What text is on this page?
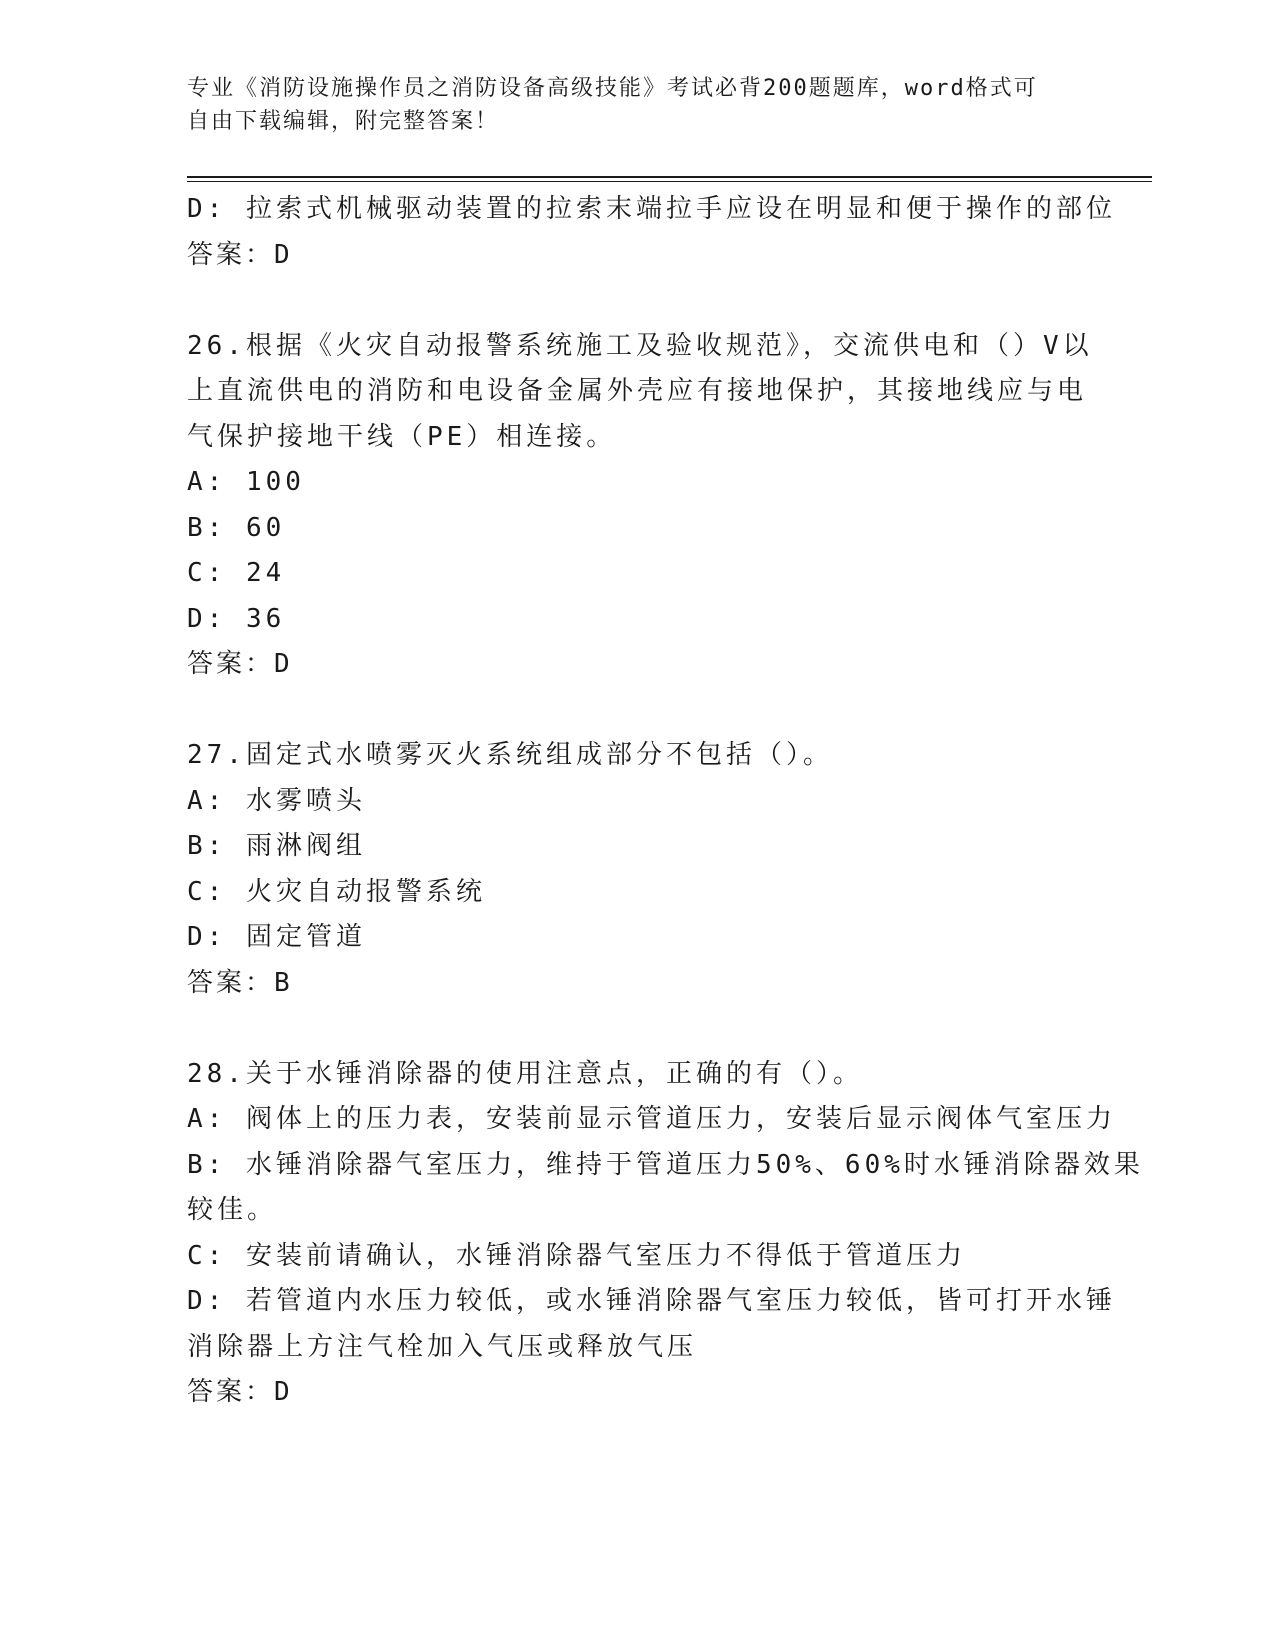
专业《消防设施操作员之消防设备高级技能》考试必背200题题库，word格式可
自由下载编辑，附完整答案！
D: 拉索式机械驱动装置的拉索末端拉手应设在明显和便于操作的部位
答案：D
26.根据《火灾自动报警系统施工及验收规范》，交流供电和（）V以
上直流供电的消防和电设备金属外壳应有接地保护，其接地线应与电
气保护接地干线（PE）相连接。
A: 100
B: 60
C: 24
D: 36
答案：D
27.固定式水喷雾灭火系统组成部分不包括（）。
A: 水雾喷头
B: 雨淋阀组
C: 火灾自动报警系统
D: 固定管道
答案：B
28.关于水锤消除器的使用注意点，正确的有（）。
A: 阀体上的压力表，安装前显示管道压力，安装后显示阀体气室压力
B: 水锤消除器气室压力，维持于管道压力50%、60%时水锤消除器效果
较佳。
C: 安装前请确认，水锤消除器气室压力不得低于管道压力
D: 若管道内水压力较低，或水锤消除器气室压力较低，皆可打开水锤
消除器上方注气栓加入气压或释放气压
答案：D
